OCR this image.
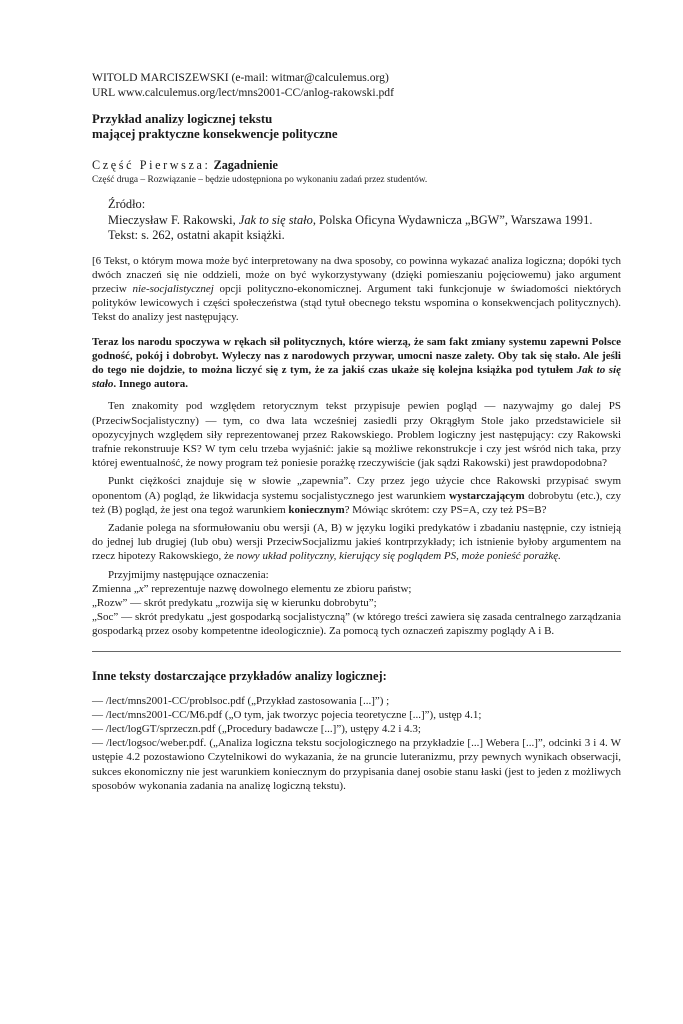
WITOLD MARCISZEWSKI (e-mail: witmar@calculemus.org)
URL www.calculemus.org/lect/mns2001-CC/anlog-rakowski.pdf
Przykład analizy logicznej tekstu
mającej praktyczne konsekwencje polityczne
Część Pierwsza: Zagadnienie
Część druga – Rozwiązanie – będzie udostępniona po wykonaniu zadań przez studentów.
Źródło:
Mieczysław F. Rakowski, Jak to się stało, Polska Oficyna Wydawnicza „BGW”, Warszawa 1991.
Tekst: s. 262, ostatni akapit książki.

[6 Tekst, o którym mowa może być interpretowany na dwa sposoby, co powinna wykazać analiza logiczna; dopóki tych dwóch znaczeń się nie oddzieli, może on być wykorzystywany (dzięki pomieszaniu pojęciowemu) jako argument przeciw nie-socjalistycznej opcji polityczno-ekonomicznej. Argument taki funkcjonuje w świadomości niektórych polityków lewicowych i części społeczeństwa (stąd tytuł obecnego tekstu wspomina o konsekwencjach politycznych). Tekst do analizy jest następujący.

Teraz los narodu spoczywa w rękach sił politycznych, które wierzą, że sam fakt zmiany systemu zapewni Polsce godność, pokój i dobrobyt. Wyleczy nas z narodowych przywar, umocni nasze zalety. Oby tak się stało. Ale jeśli do tego nie dojdzie, to można liczyć się z tym, że za jakiś czas ukaże się kolejna książka pod tytułem Jak to się stało. Innego autora.

Ten znakomity pod względem retorycznym tekst przypisuje pewien pogląd — nazywajmy go dalej PS (PrzeciwSocjalistyczny) — tym, co dwa lata wcześniej zasiedli przy Okrągłym Stole jako przedstawiciele sił opozycyjnych względem siły reprezentowanej przez Rakowskiego. Problem logiczny jest następujący: czy Rakowski trafnie rekonstruuje KS? W tym celu trzeba wyjaśnić: jakie są możliwe rekonstrukcje i czy jest wśród nich taka, przy której ewentualność, że nowy program też poniesie porażkę rzeczywiście (jak sądzi Rakowski) jest prawdopodobna?

Punkt ciężkości znajduje się w słowie „zapewnia”. Czy przez jego użycie chce Rakowski przypisać swym oponentom (A) pogląd, że likwidacja systemu socjalistycznego jest warunkiem wystarczającym dobrobytu (etc.), czy też (B) pogląd, że jest ona tegoż warunkiem koniecznym? Mówiąc skrótem: czy PS=A, czy też PS=B?

Zadanie polega na sformułowaniu obu wersji (A, B) w języku logiki predykatów i zbadaniu następnie, czy istnieją do jednej lub drugiej (lub obu) wersji PrzeciwSocjalizmu jakieś kontrprzykłady; ich istnienie byłoby argumentem na rzecz hipotezy Rakowskiego, że nowy układ polityczny, kierujący się poglądem PS, może ponieść porażkę.

Przyjmijmy następujące oznaczenia:

Zmienna „x” reprezentuje nazwę dowolnego elementu ze zbioru państw;

„Rozw” — skrót predykatu „rozwija się w kierunku dobrobytu”;

„Soc” — skrót predykatu „jest gospodarką socjalistyczną” (w którego treści zawiera się zasada centralnego zarządzania gospodarką przez osoby kompetentne ideologicznie). Za pomocą tych oznaczeń zapiszmy poglądy A i B.

Inne teksty dostarczające przykładów analizy logicznej:

— /lect/mns2001-CC/problsoc.pdf („Przykład zastosowania [...]”) ;

— /lect/mns2001-CC/M6.pdf („O tym, jak tworzyc pojecia teoretyczne [...]”), ustęp 4.1;

— /lect/logGT/sprzeczn.pdf („Procedury badawcze [...]”), ustępy 4.2 i 4.3;

— /lect/logsoc/weber.pdf. („Analiza logiczna tekstu socjologicznego na przykładzie [...] Webera [...]”, odcinki 3 i 4. W ustępie 4.2 pozostawiono Czytelnikowi do wykazania, że na gruncie luteranizmu, przy pewnych wynikach obserwacji, sukces ekonomiczny nie jest warunkiem koniecznym do przypisania danej osobie stanu łaski (jest to jeden z możliwych sposobów wykonania zadania na analizę logiczną tekstu).
